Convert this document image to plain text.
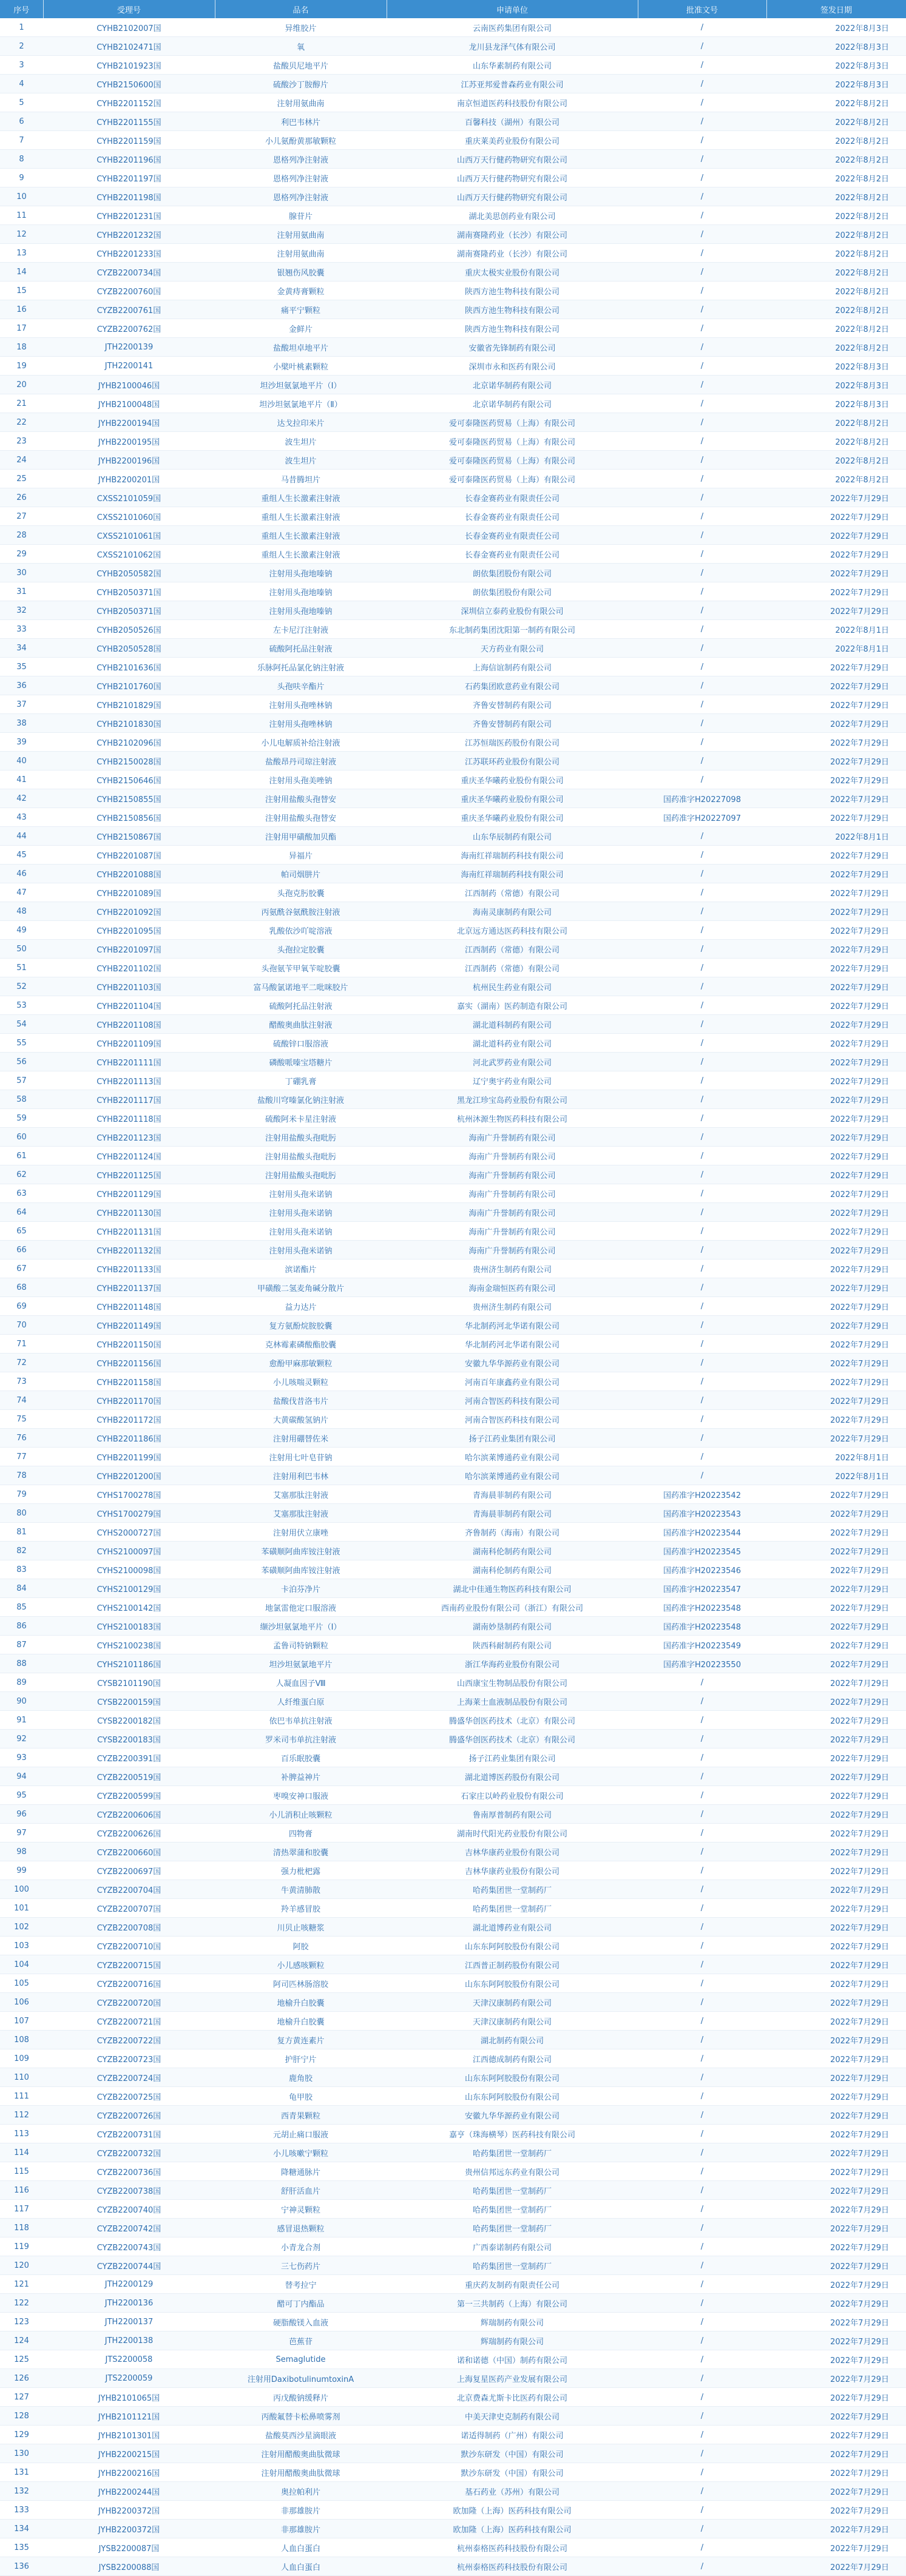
序号	受理号	品名	申请单位	批准文号	签发日期
1	CYHB2102007国	异维胶片	云南医药集团有限公司	/	2022年8月3日
2	CYHB2102471国	氧	龙川县龙泽气体有限公司	/	2022年8月3日
3	CYHB2101923国	盐酸贝尼地平片	山东华素制药有限公司	/	2022年8月3日
4	CYHB2150600国	硫酸沙丁胺醇片	江苏亚邦爱普森药业有限公司	/	2022年8月3日
5	CYHB2201152国	注射用氨曲南	南京恒道医药科技股份有限公司	/	2022年8月2日
6	CYHB2201155国	利巴韦林片	百馨科技（湖州）有限公司	/	2022年8月2日
7	CYHB2201159国	小儿氨酚黄那敏颗粒	重庆莱美药业股份有限公司	/	2022年8月2日
8	CYHB2201196国	恩格列净注射液	山西万天行健药物研究有限公司	/	2022年8月2日
9	CYHB2201197国	恩格列净注射液	山西万天行健药物研究有限公司	/	2022年8月2日
10	CYHB2201198国	恩格列净注射液	山西万天行健药物研究有限公司	/	2022年8月2日
11	CYHB2201231国	腺苷片	湖北美思创药业有限公司	/	2022年8月2日
12	CYHB2201232国	注射用氨曲南	湖南赛隆药业（长沙）有限公司	/	2022年8月2日
13	CYHB2201233国	注射用氨曲南	湖南赛隆药业（长沙）有限公司	/	2022年8月2日
14	CYZB2200734国	银翘伤风胶囊	重庆太极实业股份有限公司	/	2022年8月2日
15	CYZB2200760国	金黄痔膏颗粒	陕西方池生物科技有限公司	/	2022年8月2日
16	CYZB2200761国	痛平宁颗粒	陕西方池生物科技有限公司	/	2022年8月2日
17	CYZB2200762国	金鲜片	陕西方池生物科技有限公司	/	2022年8月2日
18	JTH2200139	盐酸坦卓地平片	安徽省先锋制药有限公司	/	2022年8月2日
19	JTH2200141	小檗叶桃素颗粒	深圳市永和医药有限公司	/	2022年8月3日
20	JYHB2100046国	坦沙坦氨氯地平片（Ⅰ）	北京诺华制药有限公司	/	2022年8月3日
21	JYHB2100048国	坦沙坦氨氯地平片（Ⅱ）	北京诺华制药有限公司	/	2022年8月3日
22	JYHB2200194国	达戈拉印米片	爱可泰隆医药贸易（上海）有限公司	/	2022年8月2日
23	JYHB2200195国	波生坦片	爱可泰隆医药贸易（上海）有限公司	/	2022年8月2日
24	JYHB2200196国	波生坦片	爱可泰隆医药贸易（上海）有限公司	/	2022年8月2日
25	JYHB2200201国	马昔腾坦片	爱可泰隆医药贸易（上海）有限公司	/	2022年8月2日
26	CXSS2101059国	重组人生长激素注射液	长春金赛药业有限责任公司	/	2022年7月29日
27	CXSS2101060国	重组人生长激素注射液	长春金赛药业有限责任公司	/	2022年7月29日
28	CXSS2101061国	重组人生长激素注射液	长春金赛药业有限责任公司	/	2022年7月29日
29	CXSS2101062国	重组人生长激素注射液	长春金赛药业有限责任公司	/	2022年7月29日
30	CYHB2050582国	注射用头孢地嗪钠	朗依集团股份有限公司	/	2022年7月29日
31	CYHB2050371国	注射用头孢地嗪钠	朗依集团股份有限公司	/	2022年7月29日
32	CYHB2050371国	注射用头孢地嗪钠	深圳信立泰药业股份有限公司	/	2022年7月29日
33	CYHB2050526国	左卡尼汀注射液	东北制药集团沈阳第一制药有限公司	/	2022年8月1日
34	CYHB2050528国	硫酸阿托品注射液	天方药业有限公司	/	2022年8月1日
35	CYHB2101636国	乐脉阿托品氯化钠注射液	上海信谊制药有限公司	/	2022年7月29日
36	CYHB2101760国	头孢呋辛酯片	石药集团欧意药业有限公司	/	2022年7月29日
37	CYHB2101829国	注射用头孢唑林钠	齐鲁安替制药有限公司	/	2022年7月29日
38	CYHB2101830国	注射用头孢唑林钠	齐鲁安替制药有限公司	/	2022年7月29日
39	CYHB2102096国	小儿电解质补给注射液	江苏恒瑞医药股份有限公司	/	2022年7月29日
40	CYHB2150028国	盐酸昂丹司琼注射液	江苏联环药业股份有限公司	/	2022年7月29日
41	CYHB2150646国	注射用头孢美唑钠	重庆圣华曦药业股份有限公司	/	2022年7月29日
42	CYHB2150855国	注射用盐酸头孢替安	重庆圣华曦药业股份有限公司	国药准字H20227098	2022年7月29日
43	CYHB2150856国	注射用盐酸头孢替安	重庆圣华曦药业股份有限公司	国药准字H20227097	2022年7月29日
44	CYHB2150867国	注射用甲磺酸加贝酯	山东华辰制药有限公司	/	2022年8月1日
45	CYHB2201087国	异福片	海南红祥瑞制药科技有限公司	/	2022年7月29日
46	CYHB2201088国	帕司烟肼片	海南红祥瑞制药科技有限公司	/	2022年7月29日
47	CYHB2201089国	头孢克肟胶囊	江西制药（常德）有限公司	/	2022年7月29日
48	CYHB2201092国	丙氨酰谷氨酰胺注射液	海南灵康制药有限公司	/	2022年7月29日
49	CYHB2201095国	乳酸依沙吖啶溶液	北京远方通达医药科技有限公司	/	2022年7月29日
50	CYHB2201097国	头孢拉定胶囊	江西制药（常德）有限公司	/	2022年7月29日
51	CYHB2201102国	头孢氨苄甲氧苄啶胶囊	江西制药（常德）有限公司	/	2022年7月29日
52	CYHB2201103国	富马酸氯诺地平二吡咪胶片	杭州民生药业有限公司	/	2022年7月29日
53	CYHB2201104国	硫酸阿托品注射液	嘉实（湖南）医药制造有限公司	/	2022年7月29日
54	CYHB2201108国	醋酸奥曲肽注射液	湖北道科制药有限公司	/	2022年7月29日
55	CYHB2201109国	硫酸锌口服溶液	湖北道科药业有限公司	/	2022年7月29日
56	CYHB2201111国	磷酸哌嗪宝塔糖片	河北武罗药业有限公司	/	2022年7月29日
57	CYHB2201113国	丁硼乳膏	辽宁奥宇药业有限公司	/	2022年7月29日
58	CYHB2201117国	盐酸川穹嗪氯化钠注射液	黑龙江珍宝岛药业股份有限公司	/	2022年7月29日
59	CYHB2201118国	硫酸阿米卡星注射液	杭州沐源生物医药科技有限公司	/	2022年7月29日
60	CYHB2201123国	注射用盐酸头孢吡肟	海南广升誉制药有限公司	/	2022年7月29日
61	CYHB2201124国	注射用盐酸头孢吡肟	海南广升誉制药有限公司	/	2022年7月29日
62	CYHB2201125国	注射用盐酸头孢吡肟	海南广升誉制药有限公司	/	2022年7月29日
63	CYHB2201129国	注射用头孢米诺钠	海南广升誉制药有限公司	/	2022年7月29日
64	CYHB2201130国	注射用头孢米诺钠	海南广升誉制药有限公司	/	2022年7月29日
65	CYHB2201131国	注射用头孢米诺钠	海南广升誉制药有限公司	/	2022年7月29日
66	CYHB2201132国	注射用头孢米诺钠	海南广升誉制药有限公司	/	2022年7月29日
67	CYHB2201133国	滨诺酯片	贵州济生制药有限公司	/	2022年7月29日
68	CYHB2201137国	甲磺酸二氢麦角碱分散片	海南金瑞恒医药有限公司	/	2022年7月29日
69	CYHB2201148国	益力达片	贵州济生制药有限公司	/	2022年7月29日
70	CYHB2201149国	复方氨酚烷胺胶囊	华北制药河北华诺有限公司	/	2022年7月29日
71	CYHB2201150国	克林霉素磷酸酯胶囊	华北制药河北华诺有限公司	/	2022年7月29日
72	CYHB2201156国	愈酚甲麻那敏颗粒	安徽九华华源药业有限公司	/	2022年7月29日
73	CYHB2201158国	小儿咳喘灵颗粒	河南百年康鑫药业有限公司	/	2022年7月29日
74	CYHB2201170国	盐酸伐昔洛韦片	河南合智医药科技有限公司	/	2022年7月29日
75	CYHB2201172国	大黄碳酸氢钠片	河南合智医药科技有限公司	/	2022年7月29日
76	CYHB2201186国	注射用硼替佐米	扬子江药业集团有限公司	/	2022年7月29日
77	CYHB2201199国	注射用七叶皂苷钠	哈尔滨莱博通药业有限公司	/	2022年8月1日
78	CYHB2201200国	注射用利巴韦林	哈尔滨莱博通药业有限公司	/	2022年8月1日
79	CYHS1700278国	艾塞那肽注射液	青海晨菲制药有限公司	国药准字H20223542	2022年7月29日
80	CYHS1700279国	艾塞那肽注射液	青海晨菲制药有限公司	国药准字H20223543	2022年7月29日
81	CYHS2000727国	注射用伏立康唑	齐鲁制药（海南）有限公司	国药准字H20223544	2022年7月29日
82	CYHS2100097国	苯磺顺阿曲库铵注射液	湖南科伦制药有限公司	国药准字H20223545	2022年7月29日
83	CYHS2100098国	苯磺顺阿曲库铵注射液	湖南科伦制药有限公司	国药准字H20223546	2022年7月29日
84	CYHS2100129国	卡泊芬净片	湖北中佳通生物医药科技有限公司	国药准字H20223547	2022年7月29日
85	CYHS2100142国	地氯雷他定口服溶液	西南药业股份有限公司（浙江）有限公司	国药准字H20223548	2022年7月29日
86	CYHS2100183国	缬沙坦氨氯地平片（Ⅰ）	湖南妙垦制药有限公司	国药准字H20223548	2022年7月29日
87	CYHS2100238国	孟鲁司特钠颗粒	陕西科耐制药有限公司	国药准字H20223549	2022年7月29日
88	CYHS2101186国	坦沙坦氨氯地平片	浙江华海药业股份有限公司	国药准字H20223550	2022年7月29日
89	CYSB2101190国	人凝血因子Ⅷ	山西康宝生物制品股份有限公司	/	2022年7月29日
90	CYSB2200159国	人纤维蛋白原	上海莱士血液制品股份有限公司	/	2022年7月29日
91	CYSB2200182国	依巴韦单抗注射液	腾盛华创医药技术（北京）有限公司	/	2022年7月29日
92	CYSB2200183国	罗米司韦单抗注射液	腾盛华创医药技术（北京）有限公司	/	2022年7月29日
93	CYZB2200391国	百乐眠胶囊	扬子江药业集团有限公司	/	2022年7月29日
94	CYZB2200519国	补脾益神片	湖北道博医药股份有限公司	/	2022年7月29日
95	CYZB2200599国	枣嗅安神口服液	石家庄以岭药业股份有限公司	/	2022年7月29日
96	CYZB2200606国	小儿消积止咳颗粒	鲁南厚普制药有限公司	/	2022年7月29日
97	CYZB2200626国	四物膏	湖南时代阳光药业股份有限公司	/	2022年7月29日
98	CYZB2200660国	清热翠蒲和胶囊	吉林华康药业股份有限公司	/	2022年7月29日
99	CYZB2200697国	强力枇杷露	吉林华康药业股份有限公司	/	2022年7月29日
100	CYZB2200704国	牛黄清肺散	哈药集团世一堂制药厂	/	2022年7月29日
101	CYZB2200707国	羚羊感冒胶	哈药集团世一堂制药厂	/	2022年7月29日
102	CYZB2200708国	川贝止咳糖浆	湖北道博药业有限公司	/	2022年7月29日
103	CYZB2200710国	阿胶	山东东阿阿胶股份有限公司	/	2022年7月29日
104	CYZB2200715国	小儿感咳颗粒	江西普正制药股份有限公司	/	2022年7月29日
105	CYZB2200716国	阿司匹林肠溶胶	山东东阿阿胶股份有限公司	/	2022年7月29日
106	CYZB2200720国	地榆升白胶囊	天津汉康制药有限公司	/	2022年7月29日
107	CYZB2200721国	地榆升白胶囊	天津汉康制药有限公司	/	2022年7月29日
108	CYZB2200722国	复方黄连素片	湖北制药有限公司	/	2022年7月29日
109	CYZB2200723国	护肝宁片	江西德成制药有限公司	/	2022年7月29日
110	CYZB2200724国	鹿角胶	山东东阿阿胶股份有限公司	/	2022年7月29日
111	CYZB2200725国	龟甲胶	山东东阿阿胶股份有限公司	/	2022年7月29日
112	CYZB2200726国	西青果颗粒	安徽九华华源药业有限公司	/	2022年7月29日
113	CYZB2200731国	元胡止痛口服液	嘉亨（珠海横琴）医药科技有限公司	/	2022年7月29日
114	CYZB2200732国	小儿咳嗽宁颗粒	哈药集团世一堂制药厂	/	2022年7月29日
115	CYZB2200736国	降糖通脉片	贵州信邦远东药业有限公司	/	2022年7月29日
116	CYZB2200738国	舒肝活血片	哈药集团世一堂制药厂	/	2022年7月29日
117	CYZB2200740国	宁神灵颗粒	哈药集团世一堂制药厂	/	2022年7月29日
118	CYZB2200742国	感冒退热颗粒	哈药集团世一堂制药厂	/	2022年7月29日
119	CYZB2200743国	小青龙合剂	广西泰诺制药有限公司	/	2022年7月29日
120	CYZB2200744国	三七伤药片	哈药集团世一堂制药厂	/	2022年7月29日
121	JTH2200129	替考拉宁	重庆药友制药有限责任公司	/	2022年7月29日
122	JTH2200136	醋可丁内酯品	第一三共制药（上海）有限公司	/	2022年7月29日
123	JTH2200137	硬脂酸镁入血液	辉瑞制药有限公司	/	2022年7月29日
124	JTH2200138	芭蕉苷	辉瑞制药有限公司	/	2022年7月29日
125	JTS2200058	Semaglutide	诺和诺德（中国）制药有限公司	/	2022年7月29日
126	JTS2200059	注射用DaxibotulinumtoxinA	上海复星医药产业发展有限公司	/	2022年7月29日
127	JYHB2101065国	丙戊酸钠缓释片	北京费森尤斯卡比医药有限公司	/	2022年7月29日
128	JYHB2101121国	丙酸氟替卡松鼻喷雾剂	中美天津史克制药有限公司	/	2022年7月29日
129	JYHB2101301国	盐酸莫西沙星滴眼液	诺适得制药（广州）有限公司	/	2022年7月29日
130	JYHB2200215国	注射用醋酸奥曲肽微球	默沙东研发（中国）有限公司	/	2022年7月29日
131	JYHB2200216国	注射用醋酸奥曲肽微球	默沙东研发（中国）有限公司	/	2022年7月29日
132	JYHB2200244国	奥拉帕利片	基石药业（苏州）有限公司	/	2022年7月29日
133	JYHB2200372国	非那雄胺片	欧加隆（上海）医药科技有限公司	/	2022年7月29日
134	JYHB2200372国	非那雄胺片	欧加隆（上海）医药科技有限公司	/	2022年7月29日
135	JYSB2200087国	人血白蛋白	杭州泰格医药科技股份有限公司	/	2022年7月29日
136	JYSB2200088国	人血白蛋白	杭州泰格医药科技股份有限公司	/	2022年7月29日
